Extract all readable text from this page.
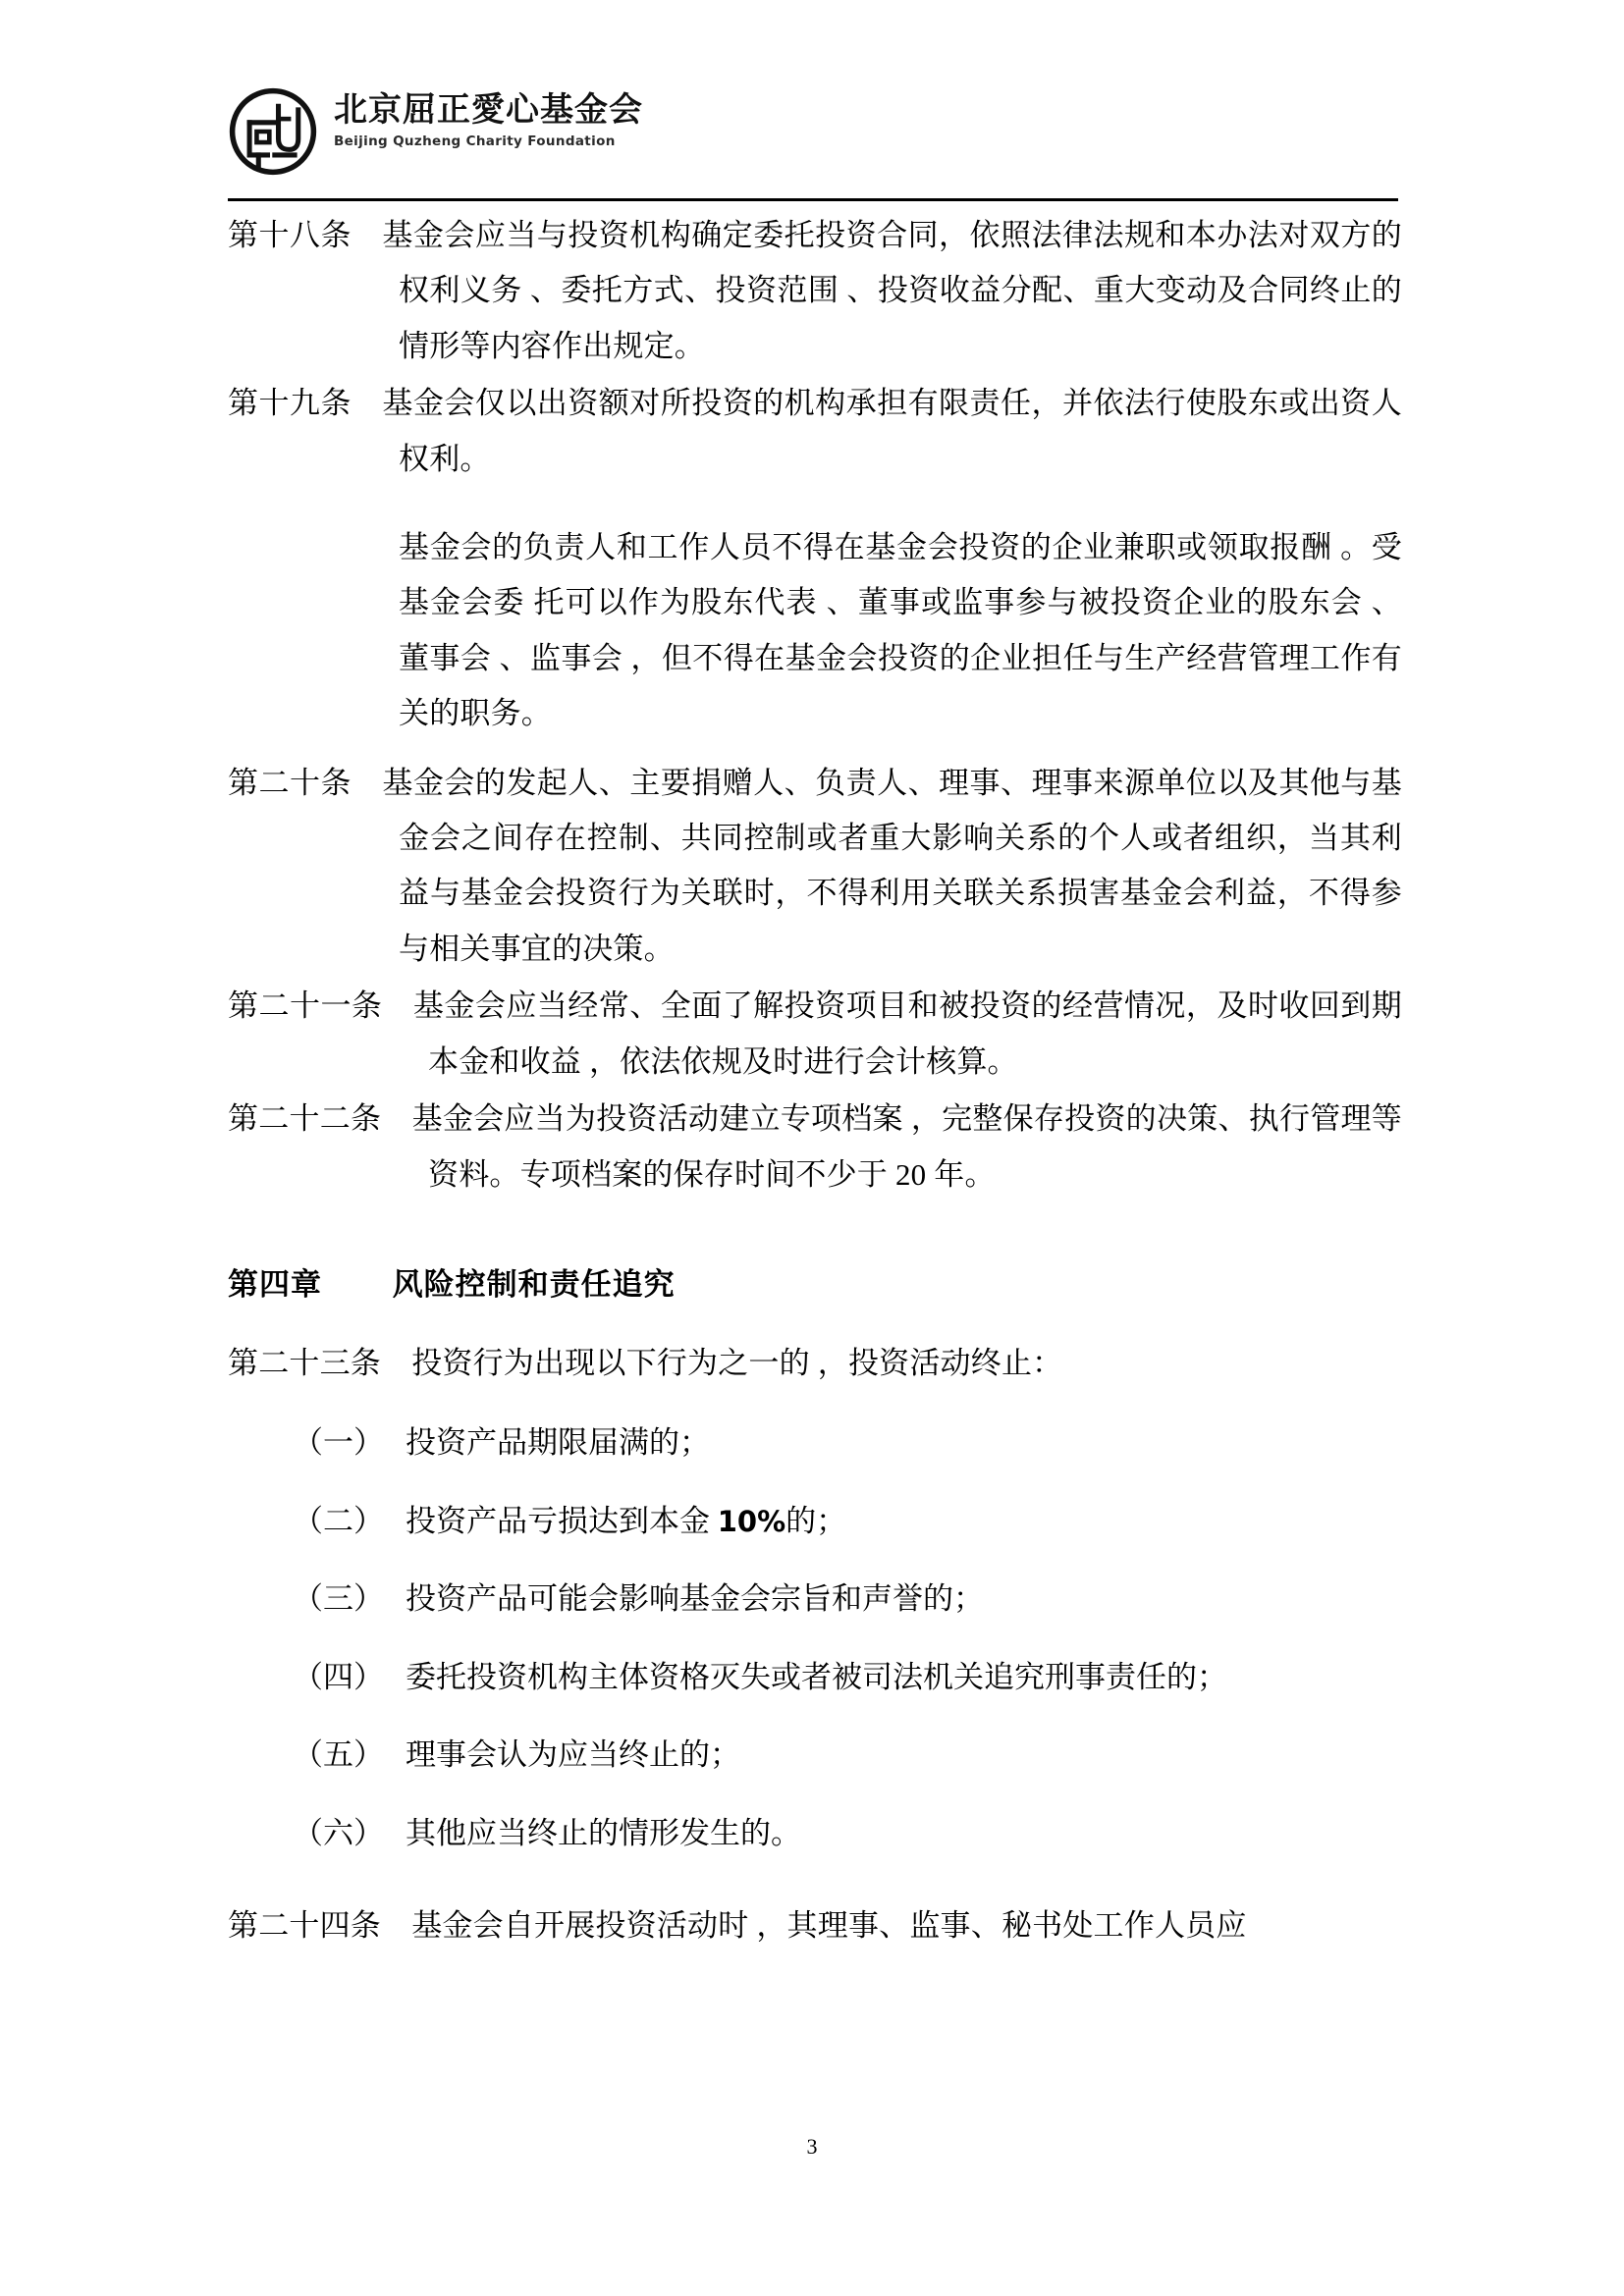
北京屈正愛心基金会
Beijing Quzheng Charity Foundation

第十八条　基金会应当与投资机构确定委托投资合同，依照法律法规和本办法对双方的权利义务 、委托方式、投资范围 、投资收益分配、重大变动及合同终止的情形等内容作出规定。

第十九条　基金会仅以出资额对所投资的机构承担有限责任，并依法行使股东或出资人权利。

基金会的负责人和工作人员不得在基金会投资的企业兼职或领取报酬 。受基金会委 托可以作为股东代表 、董事或监事参与被投资企业的股东会 、董事会 、监事会 ，但不得在基金会投资的企业担任与生产经营管理工作有关的职务。

第二十条　基金会的发起人、主要捐赠人、负责人、理事、理事来源单位以及其他与基金会之间存在控制、共同控制或者重大影响关系的个人或者组织，当其利益与基金会投资行为关联时，不得利用关联关系损害基金会利益，不得参与相关事宜的决策。

第二十一条　基金会应当经常、全面了解投资项目和被投资的经营情况，及时收回到期本金和收益 ，依法依规及时进行会计核算。

第二十二条　基金会应当为投资活动建立专项档案 ，完整保存投资的决策、执行管理等资料。专项档案的保存时间不少于 20 年。

第四章 风险控制和责任追究

第二十三条　投资行为出现以下行为之一的 ，投资活动终止：

（一） 投资产品期限届满的；
（二） 投资产品亏损达到本金 10%的；
（三） 投资产品可能会影响基金会宗旨和声誉的；
（四） 委托投资机构主体资格灭失或者被司法机关追究刑事责任的；
（五） 理事会认为应当终止的；
（六） 其他应当终止的情形发生的。

第二十四条　基金会自开展投资活动时 ，其理事、监事、秘书处工作人员应

3
